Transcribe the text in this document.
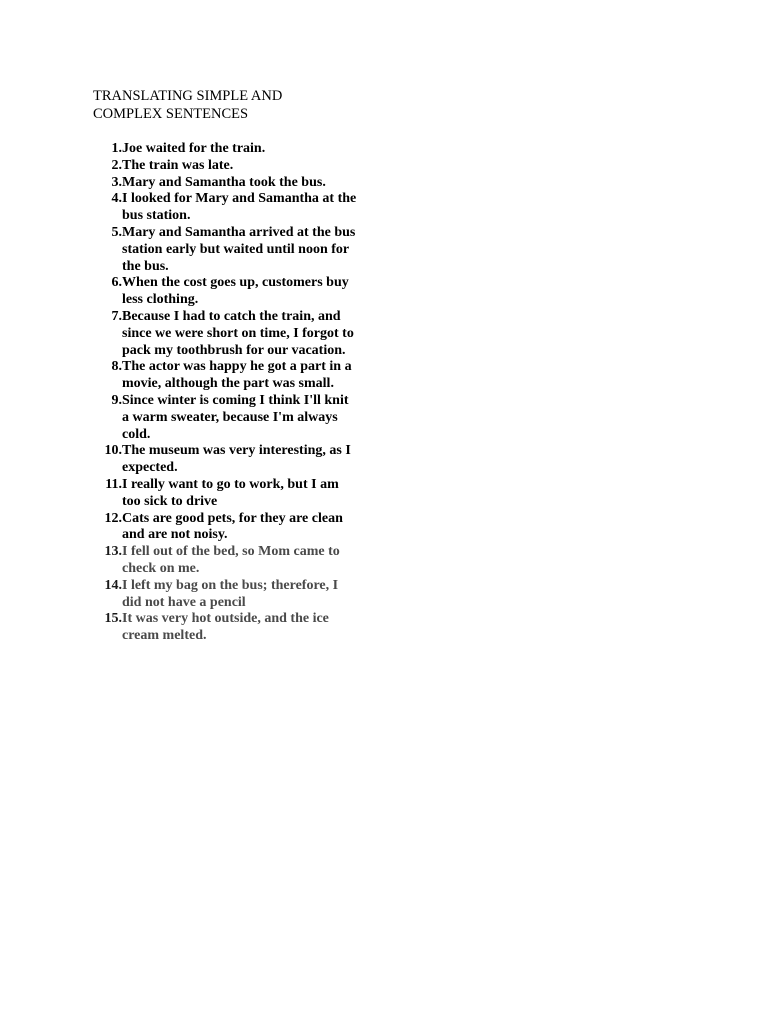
TRANSLATING SIMPLE AND
COMPLEX SENTENCES
1. Joe waited for the train.
2. The train was late.
3. Mary and Samantha took the bus.
4. I looked for Mary and Samantha at the bus station.
5. Mary and Samantha arrived at the bus station early but waited until noon for the bus.
6. When the cost goes up, customers buy less clothing.
7. Because I had to catch the train, and since we were short on time, I forgot to pack my toothbrush for our vacation.
8. The actor was happy he got a part in a movie, although the part was small.
9. Since winter is coming I think I'll knit a warm sweater, because I'm always cold.
10. The museum was very interesting, as I expected.
11. I really want to go to work, but I am too sick to drive
12. Cats are good pets, for they are clean and are not noisy.
13. I fell out of the bed, so Mom came to check on me.
14. I left my bag on the bus; therefore, I did not have a pencil
15. It was very hot outside, and the ice cream melted.
